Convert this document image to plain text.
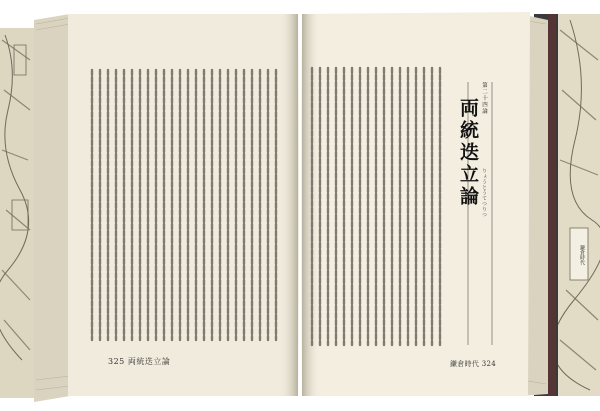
第二十四論
両統迭立論 りょうとうてつりつ
325 両統迭立論	鎌倉時代 324
鎌倉時代
